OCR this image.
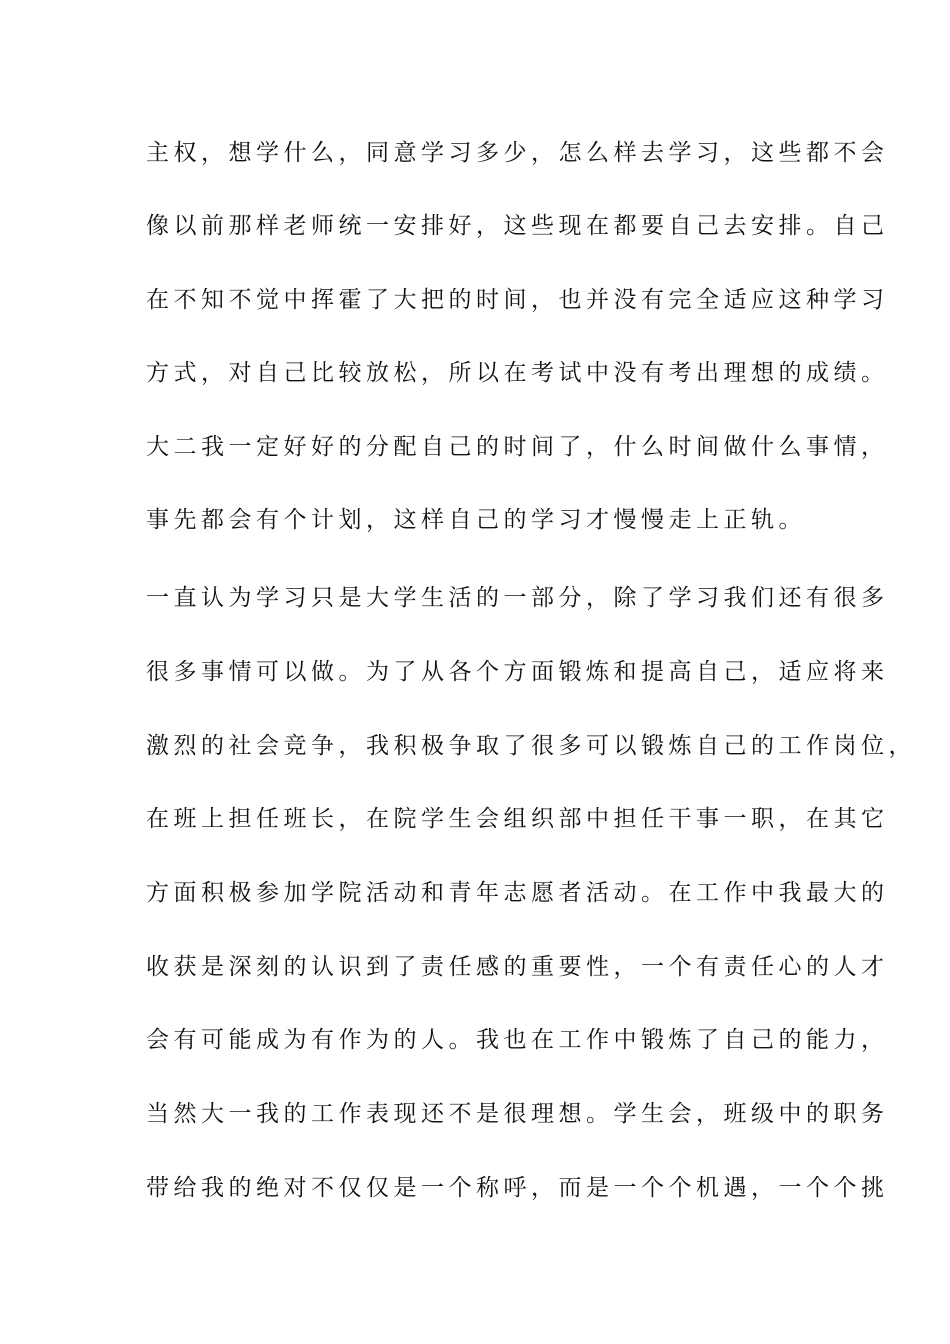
主权，想学什么，同意学习多少，怎么样去学习，这些都不会
像以前那样老师统一安排好，这些现在都要自己去安排。自己
在不知不觉中挥霍了大把的时间，也并没有完全适应这种学习
方式，对自己比较放松，所以在考试中没有考出理想的成绩。
大二我一定好好的分配自己的时间了，什么时间做什么事情，
事先都会有个计划，这样自己的学习才慢慢走上正轨。
一直认为学习只是大学生活的一部分，除了学习我们还有很多
很多事情可以做。为了从各个方面锻炼和提高自己，适应将来
激烈的社会竞争，我积极争取了很多可以锻炼自己的工作岗位，
在班上担任班长，在院学生会组织部中担任干事一职，在其它
方面积极参加学院活动和青年志愿者活动。在工作中我最大的
收获是深刻的认识到了责任感的重要性，一个有责任心的人才
会有可能成为有作为的人。我也在工作中锻炼了自己的能力，
当然大一我的工作表现还不是很理想。学生会，班级中的职务
带给我的绝对不仅仅是一个称呼，而是一个个机遇，一个个挑
